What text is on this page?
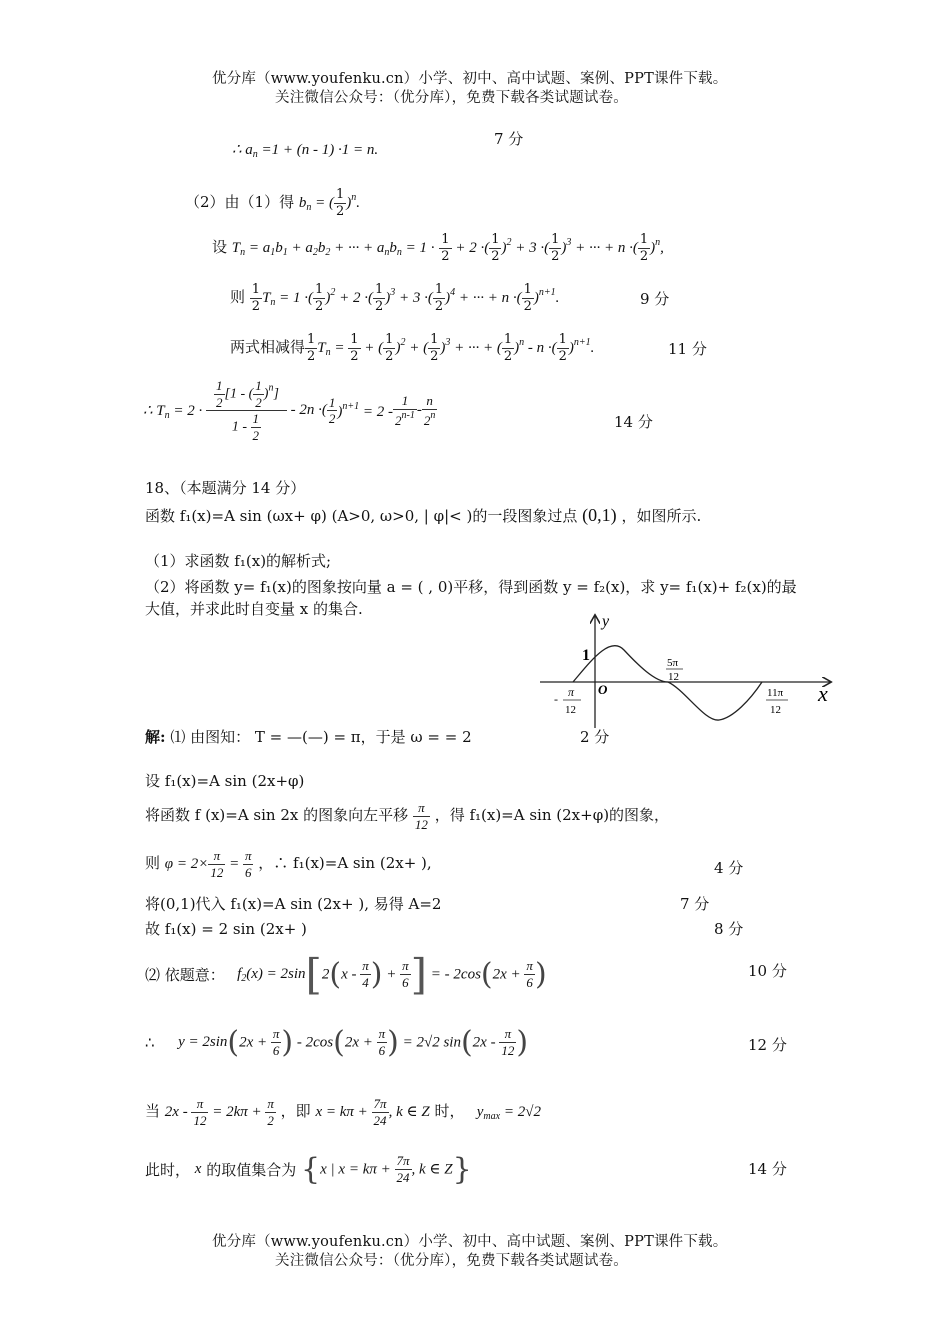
优分库（www.youfenku.cn）小学、初中、高中试题、案例、PPT课件下载。
关注微信公众号：（优分库），免费下载各类试题试卷。
∴ $a_n =1 + (n - 1) \cdot 1 = n$.
7 分
（2）由（1）得 $b_n$ = ( $\frac{1}{2} )^n$.
设 $T_n = a_1b_1 + a_2b_2$ + ··· + $a_nb_n = 1 \cdot \frac{1}{2} + 2$ ·( $\frac{1}{2} )^2 + 3$ ·( $\frac{1}{2} )^3$ + ··· + n ·( $\frac{1}{2} )^n$,
则 $\frac{1}{2} T_n = 1$ ·( $\frac{1}{2} )^2 + 2$ ·( $\frac{1}{2} )^3 + 3$ ·( $\frac{1}{2} )^4$ + ··· + n ·( $\frac{1}{2} )^{n+1}$.	9 分
两式相减得 $\frac{1}{2} T_n = \frac{1}{2}$ + ( $\frac{1}{2} )^2$ + ( $\frac{1}{2} )^3$ + ··· + ( $\frac{1}{2} )^n$ - n ·( $\frac{1}{2} )^{n+1}$.	11 分
∴ $T_n = 2 \cdot \frac{\frac{1}{2} [1 - ( \frac{1}{2} )^n]}{1 - \frac{1}{2}} - 2n$ ·( $\frac{1}{2} )^{n+1} = 2 - \frac{1}{2^{n-1}} - \frac{n}{2^n}$	14 分
18、（本题满分 14 分）
函数 f₁(x)=A sin (ωx+ φ) (A>0, ω>0, | φ|< )的一段图象过点 (0,1) ，如图所示.
（1）求函数 f₁(x)的解析式;
（2）将函数 y= f₁(x)的图象按向量 a = ( , 0)平移，得到函数 y = f₂(x)，求 y= f₁(x)+ f₂(x)的最
大值，并求此时自变量 x 的集合.
y
x
O
1	5π
12
11π
12
- π
12
解: ⑴ 由图知： T = —(—) = π，于是 ω = = 2	2 分
设 f₁(x)=A sin (2x+φ)
将函数 f (x)=A sin 2x 的图象向左平移 $\frac{\pi}{12}$ ，得 f₁(x)=A sin (2x+φ)的图象，
则 $\varphi = 2\times \frac{\pi}{12} = \frac{\pi}{6}$ ，∴ f₁(x)=A sin (2x+ ),	4 分
将(0,1)代入 f₁(x)=A sin (2x+ ), 易得 A=2	7 分
故 f₁(x) = 2 sin (2x+ )	8 分
⑵ 依题意：   $f_2(x) = 2\sin[2(x - \frac{\pi}{4}$ ) + $\frac{\pi}{6}$ ] = - $2\cos(2x + \frac{\pi}{6}$ )	10 分
∴      $y = 2\sin(2x + \frac{\pi}{6}$ ) - $2\cos(2x + \frac{\pi}{6}$ ) = 2√2 $\sin(2x - \frac{\pi}{12}$ )	12 分
当 $2x - \frac{\pi}{12} = 2k\pi + \frac{\pi}{2}$ ，即 $x = k\pi + \frac{7\pi}{24}$ , k ∈ Z 时，   $y_{max} = 2√2$
此时， x 的取值集合为 {x | $x = k\pi + \frac{7\pi}{24}$ , k ∈ Z}	14 分
优分库（www.youfenku.cn）小学、初中、高中试题、案例、PPT课件下载。
关注微信公众号：（优分库），免费下载各类试题试卷。
